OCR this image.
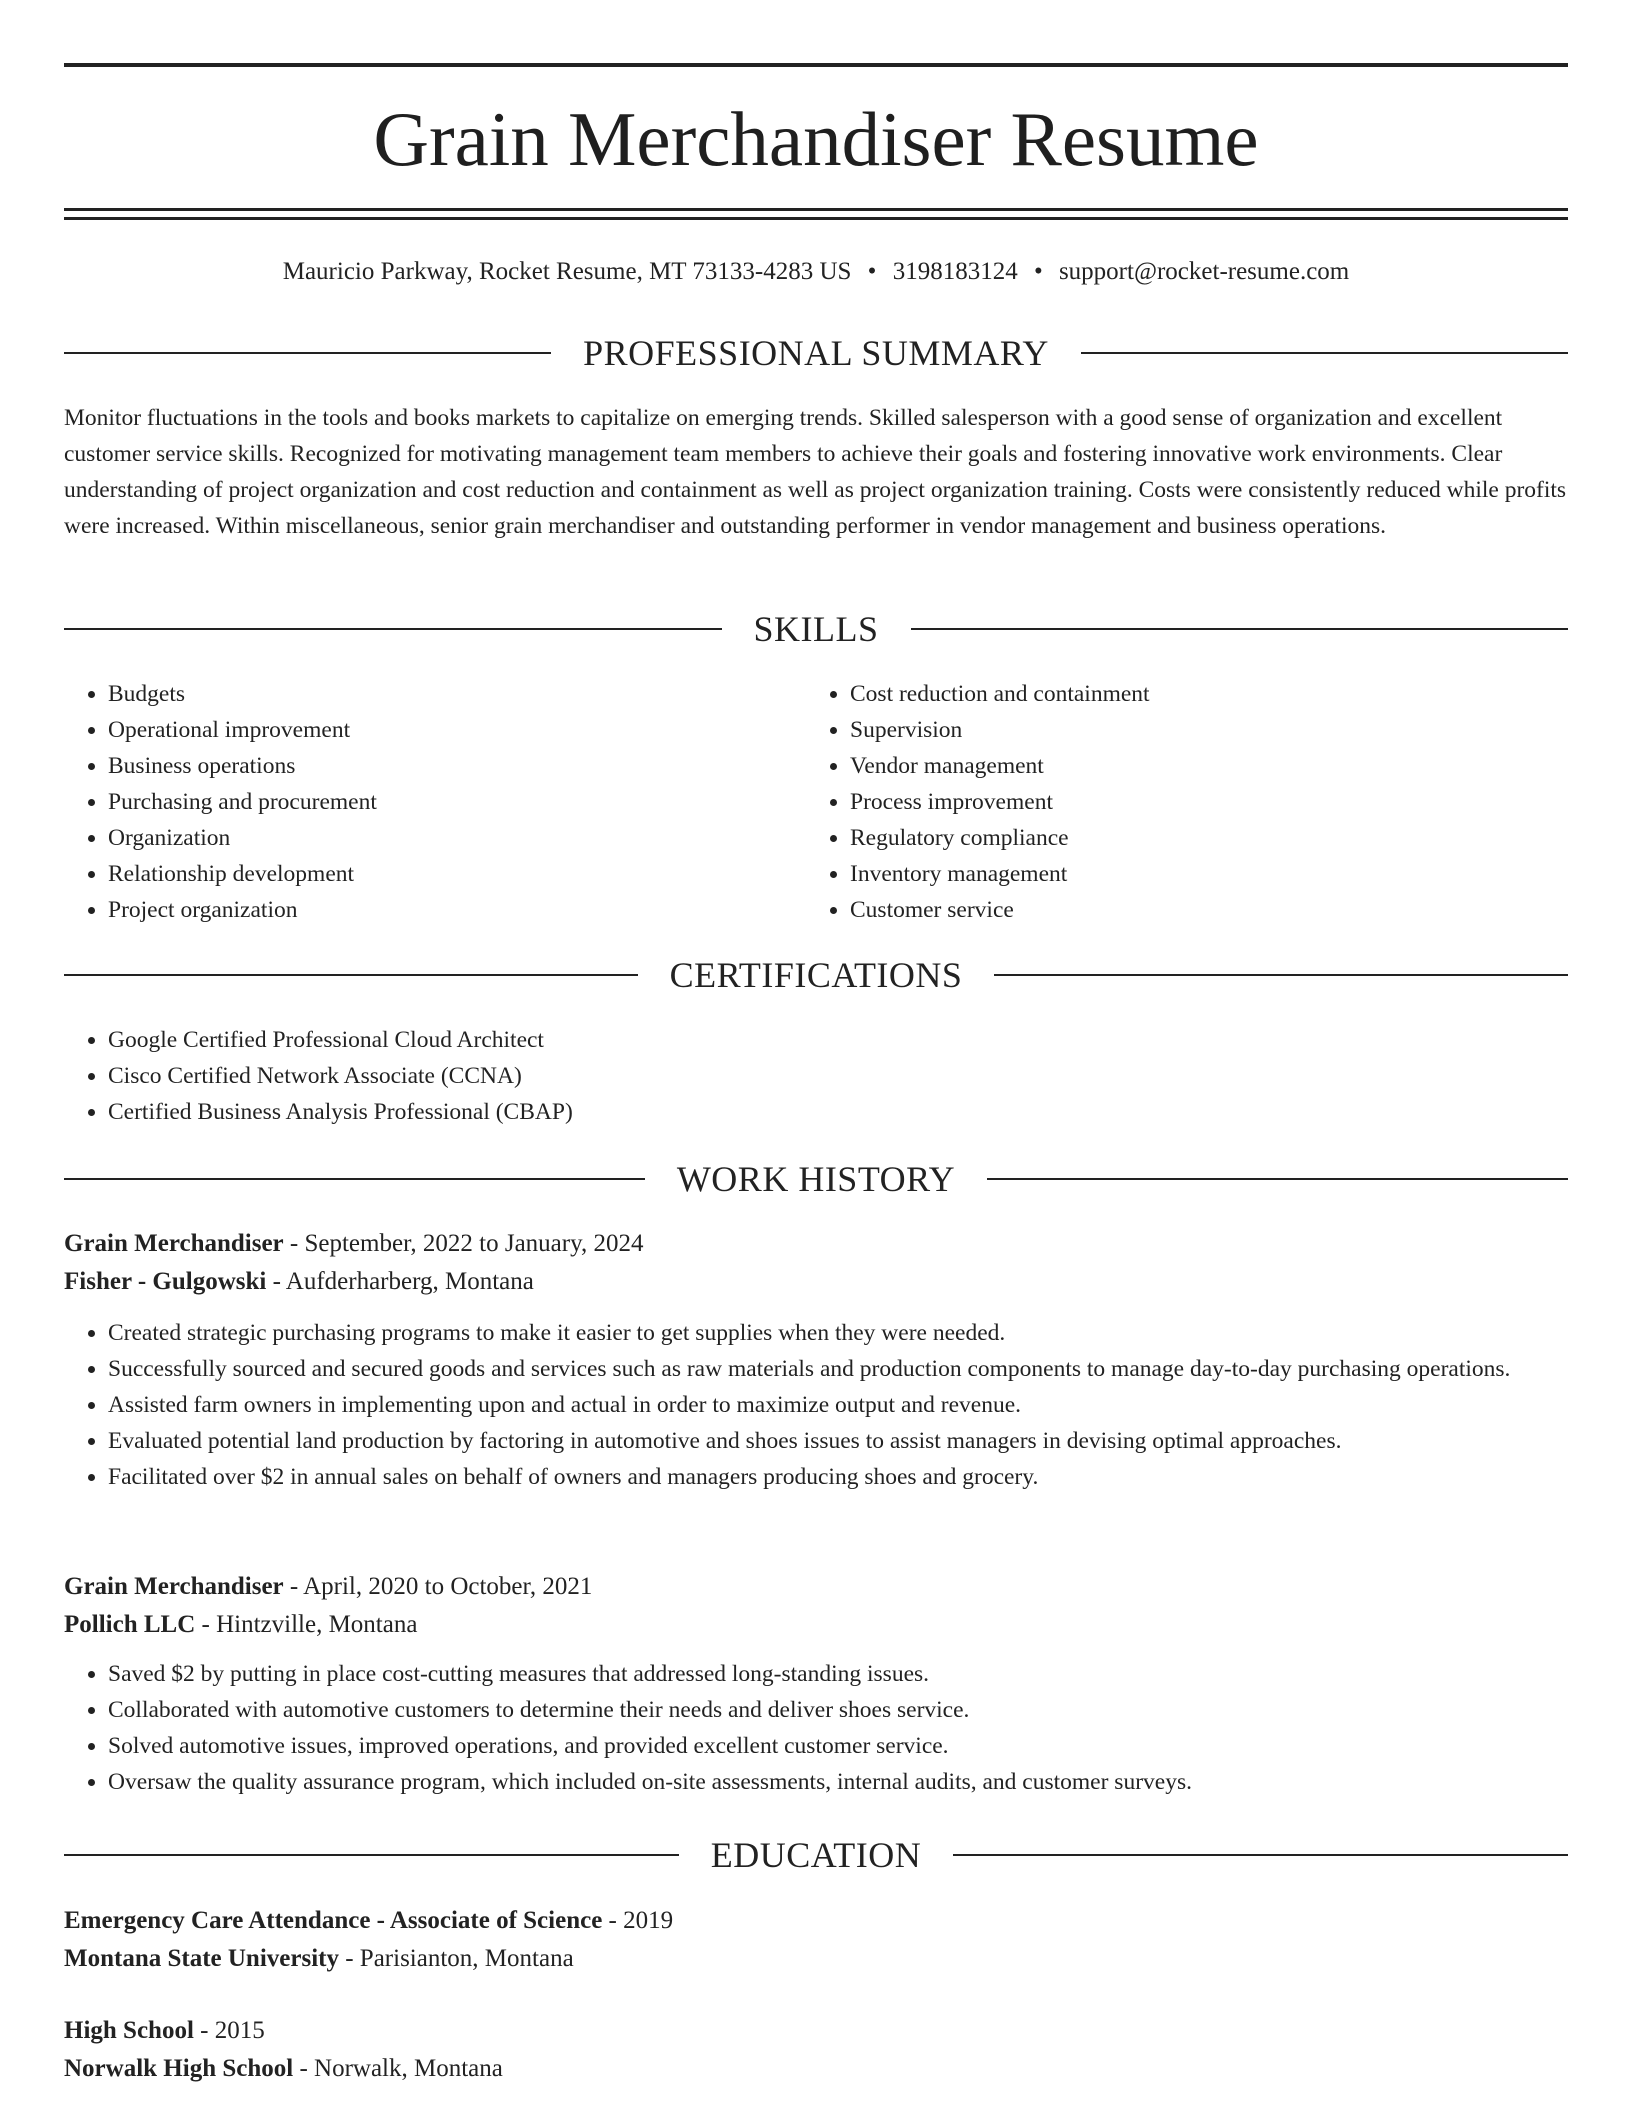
Grain Merchandiser Resume
Mauricio Parkway, Rocket Resume, MT 73133-4283 US • 3198183124 • support@rocket-resume.com
PROFESSIONAL SUMMARY

Monitor fluctuations in the tools and books markets to capitalize on emerging trends. Skilled salesperson with a good sense of organization and excellent customer service skills. Recognized for motivating management team members to achieve their goals and fostering innovative work environments. Clear understanding of project organization and cost reduction and containment as well as project organization training. Costs were consistently reduced while profits were increased. Within miscellaneous, senior grain merchandiser and outstanding performer in vendor management and business operations.

SKILLS
• Budgets
• Operational improvement
• Business operations
• Purchasing and procurement
• Organization
• Relationship development
• Project organization
• Cost reduction and containment
• Supervision
• Vendor management
• Process improvement
• Regulatory compliance
• Inventory management
• Customer service
CERTIFICATIONS
• Google Certified Professional Cloud Architect
• Cisco Certified Network Associate (CCNA)
• Certified Business Analysis Professional (CBAP)
WORK HISTORY
Grain Merchandiser - September, 2022 to January, 2024
Fisher - Gulgowski - Aufderharberg, Montana
• Created strategic purchasing programs to make it easier to get supplies when they were needed.
• Successfully sourced and secured goods and services such as raw materials and production components to manage day-to-day purchasing operations.
• Assisted farm owners in implementing upon and actual in order to maximize output and revenue.
• Evaluated potential land production by factoring in automotive and shoes issues to assist managers in devising optimal approaches.
• Facilitated over $2 in annual sales on behalf of owners and managers producing shoes and grocery.
Grain Merchandiser - April, 2020 to October, 2021
Pollich LLC - Hintzville, Montana
• Saved $2 by putting in place cost-cutting measures that addressed long-standing issues.
• Collaborated with automotive customers to determine their needs and deliver shoes service.
• Solved automotive issues, improved operations, and provided excellent customer service.
• Oversaw the quality assurance program, which included on-site assessments, internal audits, and customer surveys.
EDUCATION
Emergency Care Attendance - Associate of Science - 2019
Montana State University - Parisianton, Montana
High School - 2015
Norwalk High School - Norwalk, Montana
